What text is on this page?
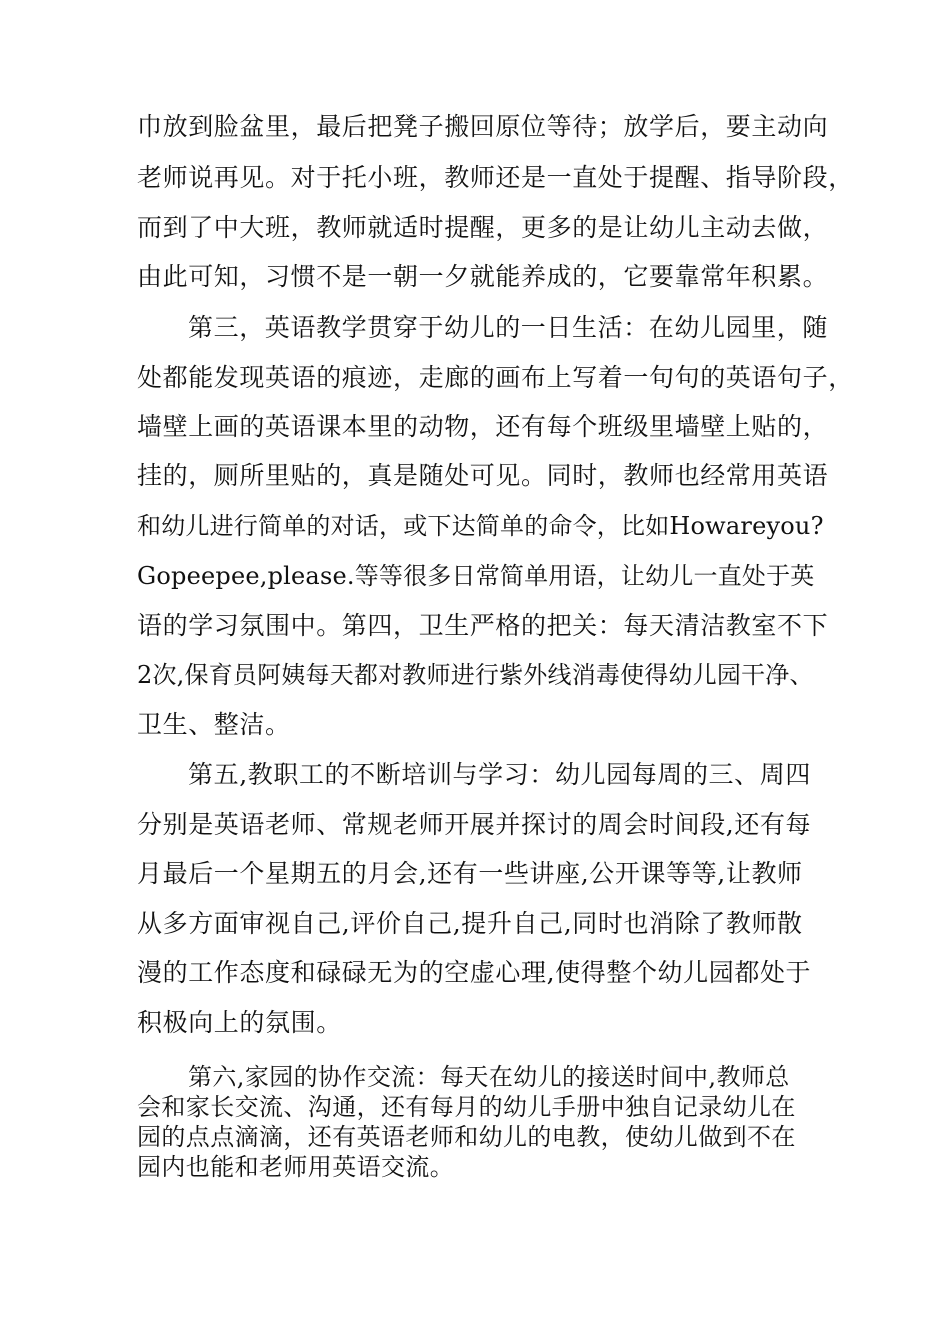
巾放到脸盆里，最后把凳子搬回原位等待；放学后，要主动向
老师说再见。对于托小班，教师还是一直处于提醒、指导阶段，
而到了中大班，教师就适时提醒，更多的是让幼儿主动去做，
由此可知，习惯不是一朝一夕就能养成的，它要靠常年积累。
第三，英语教学贯穿于幼儿的一日生活：在幼儿园里，随
处都能发现英语的痕迹，走廊的画布上写着一句句的英语句子，
墙壁上画的英语课本里的动物，还有每个班级里墙壁上贴的，
挂的，厕所里贴的，真是随处可见。同时，教师也经常用英语
和幼儿进行简单的对话，或下达简单的命令，比如Howareyou?
Gopeepee,please.等等很多日常简单用语，让幼儿一直处于英
语的学习氛围中。第四，卫生严格的把关：每天清洁教室不下
2次,保育员阿姨每天都对教师进行紫外线消毒使得幼儿园干净、
卫生、整洁。
第五,教职工的不断培训与学习：幼儿园每周的三、周四
分别是英语老师、常规老师开展并探讨的周会时间段,还有每
月最后一个星期五的月会,还有一些讲座,公开课等等,让教师
从多方面审视自己,评价自己,提升自己,同时也消除了教师散
漫的工作态度和碌碌无为的空虚心理,使得整个幼儿园都处于
积极向上的氛围。
第六,家园的协作交流：每天在幼儿的接送时间中,教师总
会和家长交流、沟通，还有每月的幼儿手册中独自记录幼儿在
园的点点滴滴，还有英语老师和幼儿的电教，使幼儿做到不在
园内也能和老师用英语交流。
